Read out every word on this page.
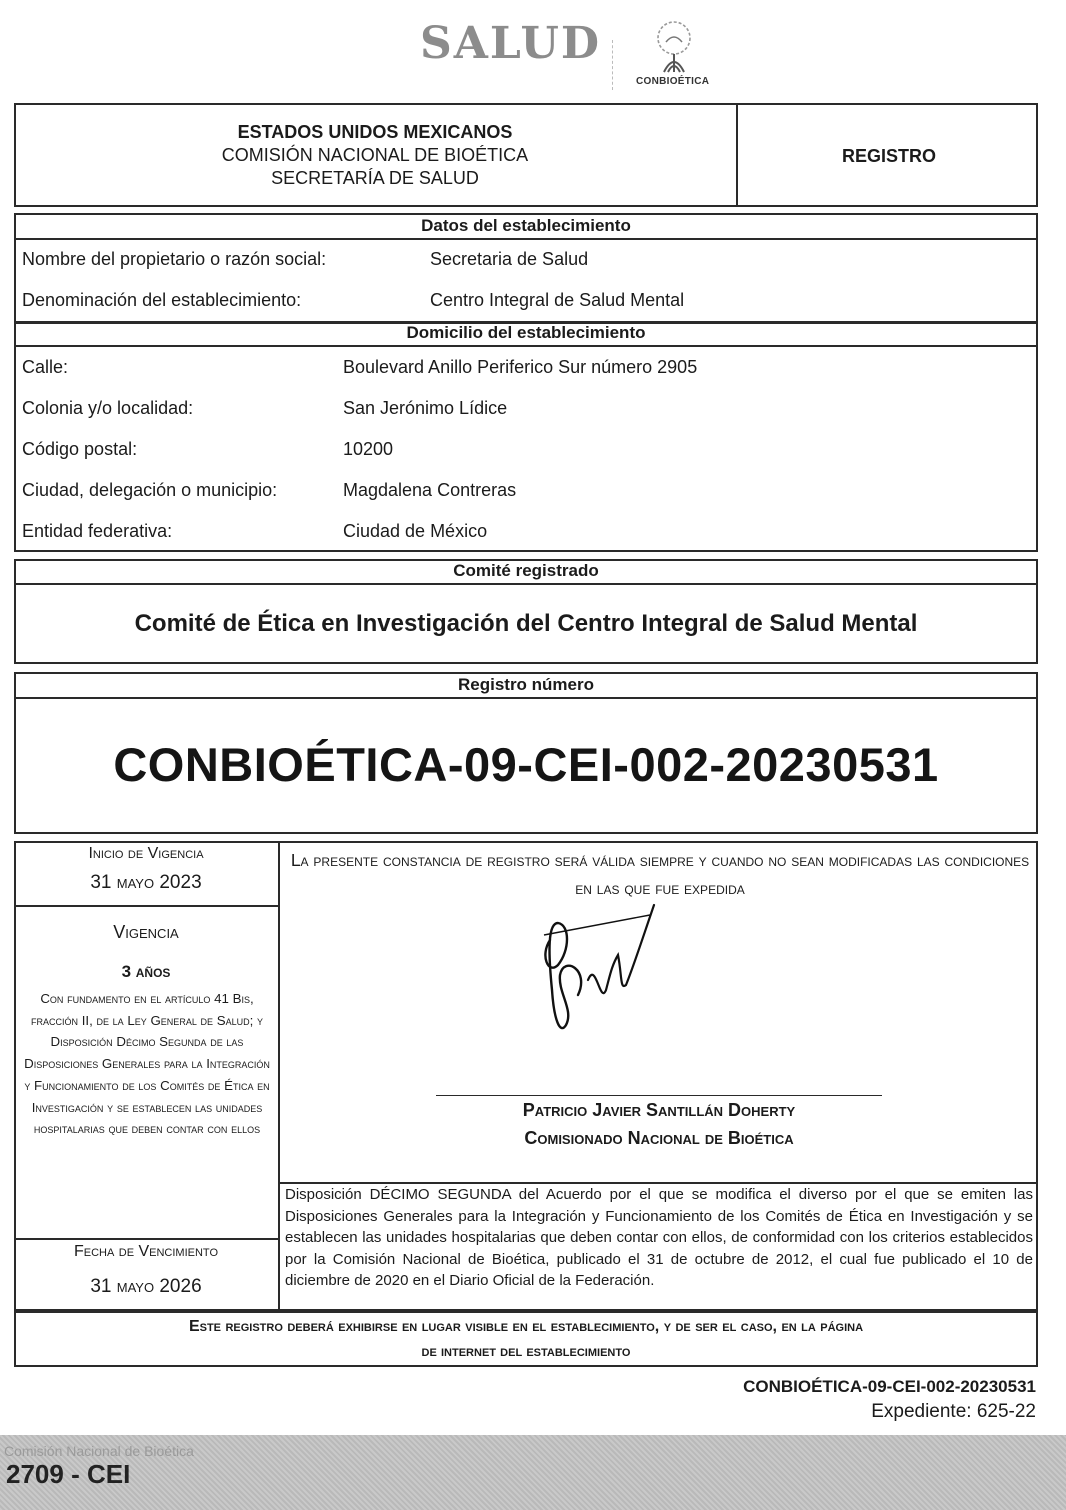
SALUD
CONBIOÉTICA
ESTADOS UNIDOS MEXICANOS
COMISIÓN NACIONAL DE BIOÉTICA
SECRETARÍA DE SALUD
REGISTRO
Datos del establecimiento
Nombre del propietario o razón social:	Secretaria de Salud
Denominación del establecimiento:	Centro Integral de Salud Mental
Domicilio del establecimiento
Calle:	Boulevard Anillo Periferico Sur número 2905
Colonia y/o localidad:	San Jerónimo Lídice
Código postal:	10200
Ciudad, delegación o municipio:	Magdalena Contreras
Entidad federativa:	Ciudad de México
Comité registrado
Comité de Ética en Investigación del Centro Integral de Salud Mental
Registro número
CONBIOÉTICA-09-CEI-002-20230531
Inicio de Vigencia
31 mayo 2023
Vigencia
3 años
Con fundamento en el artículo 41 Bis, fracción II, de la Ley General de Salud; y Disposición Décimo Segunda de las Disposiciones Generales para la Integración y Funcionamiento de los Comités de Ética en Investigación y se establecen las unidades hospitalarias que deben contar con ellos
Fecha de Vencimiento
31 mayo 2026
La presente constancia de registro será válida siempre y cuando no sean modificadas las condiciones en las que fue expedida
Patricio Javier Santillán Doherty
Comisionado Nacional de Bioética
Disposición DÉCIMO SEGUNDA del Acuerdo por el que se modifica el diverso por el que se emiten las Disposiciones Generales para la Integración y Funcionamiento de los Comités de Ética en Investigación y se establecen las unidades hospitalarias que deben contar con ellos, de conformidad con los criterios establecidos por la Comisión Nacional de Bioética, publicado el 31 de octubre de 2012, el cual fue publicado el 10 de diciembre de 2020 en el Diario Oficial de la Federación.
Este registro deberá exhibirse en lugar visible en el establecimiento, y de ser el caso, en la página
de internet del establecimiento
CONBIOÉTICA-09-CEI-002-20230531
Expediente: 625-22
Comisión Nacional de Bioética
2709 - CEI
